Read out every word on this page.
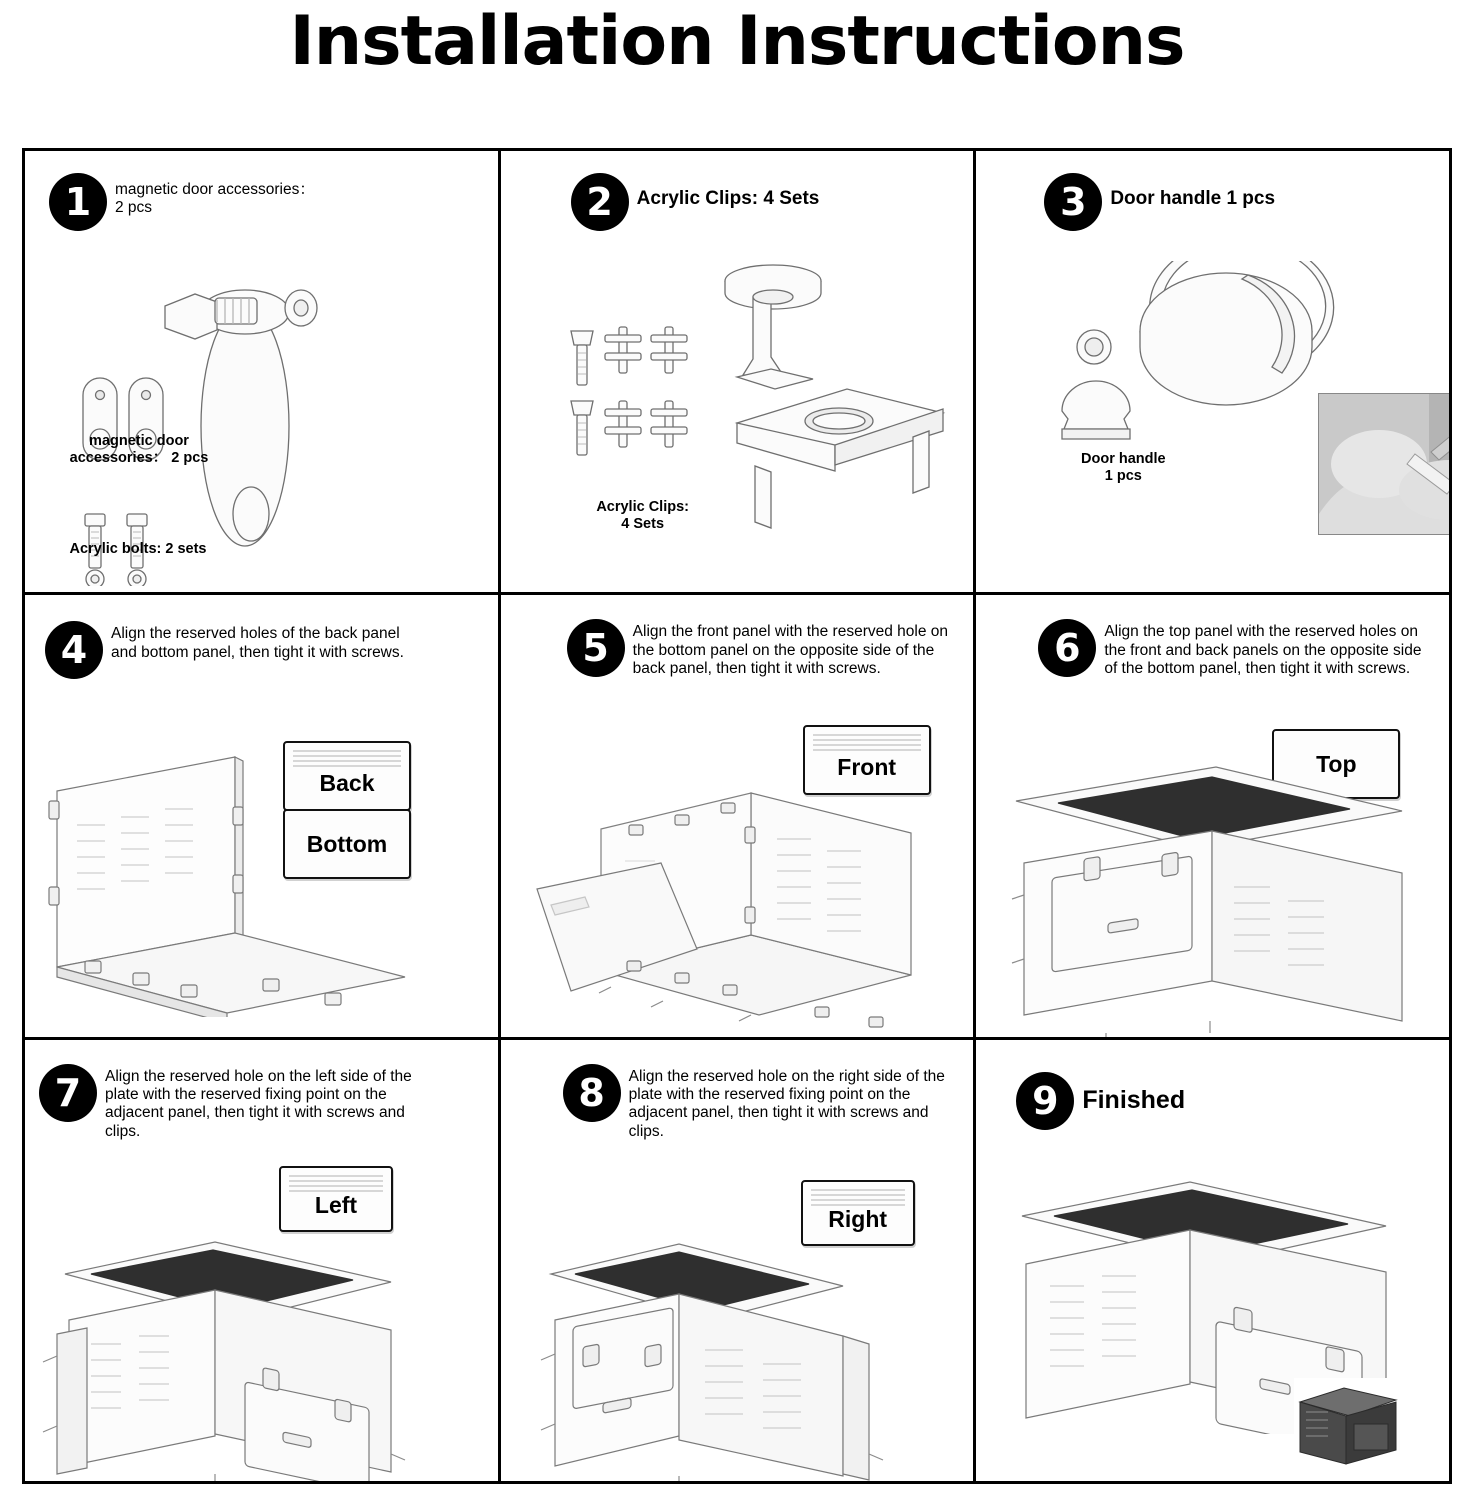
Installation Instructions
1	magnetic door accessories：
2 pcs
magnetic door
accessories： 2 pcs
Acrylic bolts: 2 sets
2	Acrylic Clips: 4 Sets
Acrylic Clips:
4 Sets
3	Door handle 1 pcs
Door handle
1 pcs
4	Align the reserved holes of the back panel and bottom panel, then tight it with screws.
Back
Bottom
5	Align the front panel with the reserved hole on the bottom panel on the opposite side of the back panel, then tight it with screws.
Front
6	Align the top panel with the reserved holes on the front and back panels on the opposite side of the bottom panel, then tight it with screws.
Top
7	Align the reserved hole on the left side of the plate with the reserved fixing point on the adjacent panel, then tight it with screws and clips.
Left
8	Align the reserved hole on the right side of the plate with the reserved fixing point on the adjacent panel, then tight it with screws and clips.
Right
9 Finished
